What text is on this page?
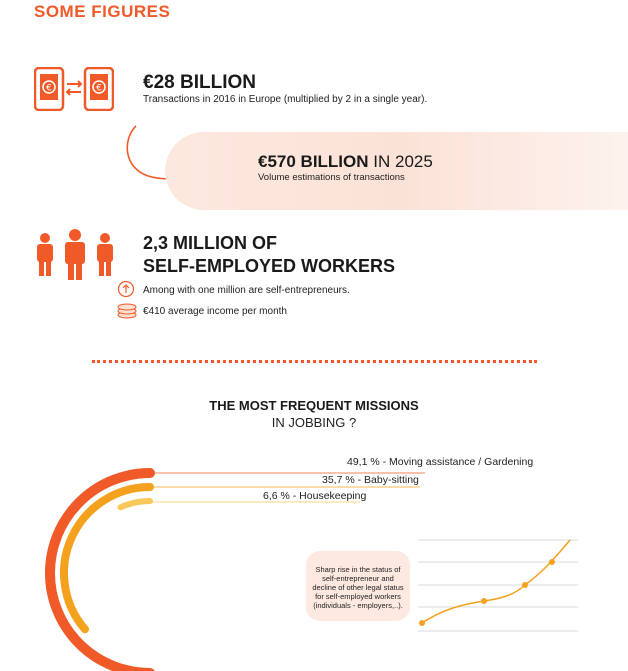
SOME FIGURES
€	€ €28 BILLION
Transactions in 2016 in Europe (multiplied by 2 in a single year).
€570 BILLION IN 2025
Volume estimations of transactions
2,3 MILLION OF
SELF-EMPLOYED WORKERS
Among with one million are self-entrepreneurs.
€410 average income per month
THE MOST FREQUENT MISSIONS
IN JOBBING ?
49,1 % - Moving assistance / Gardening
35,7 % - Baby-sitting
6,6 % - Housekeeping
Sharp rise in the status of self-entrepreneur and decline of other legal status for self-employed workers (individuals - employers,..).
